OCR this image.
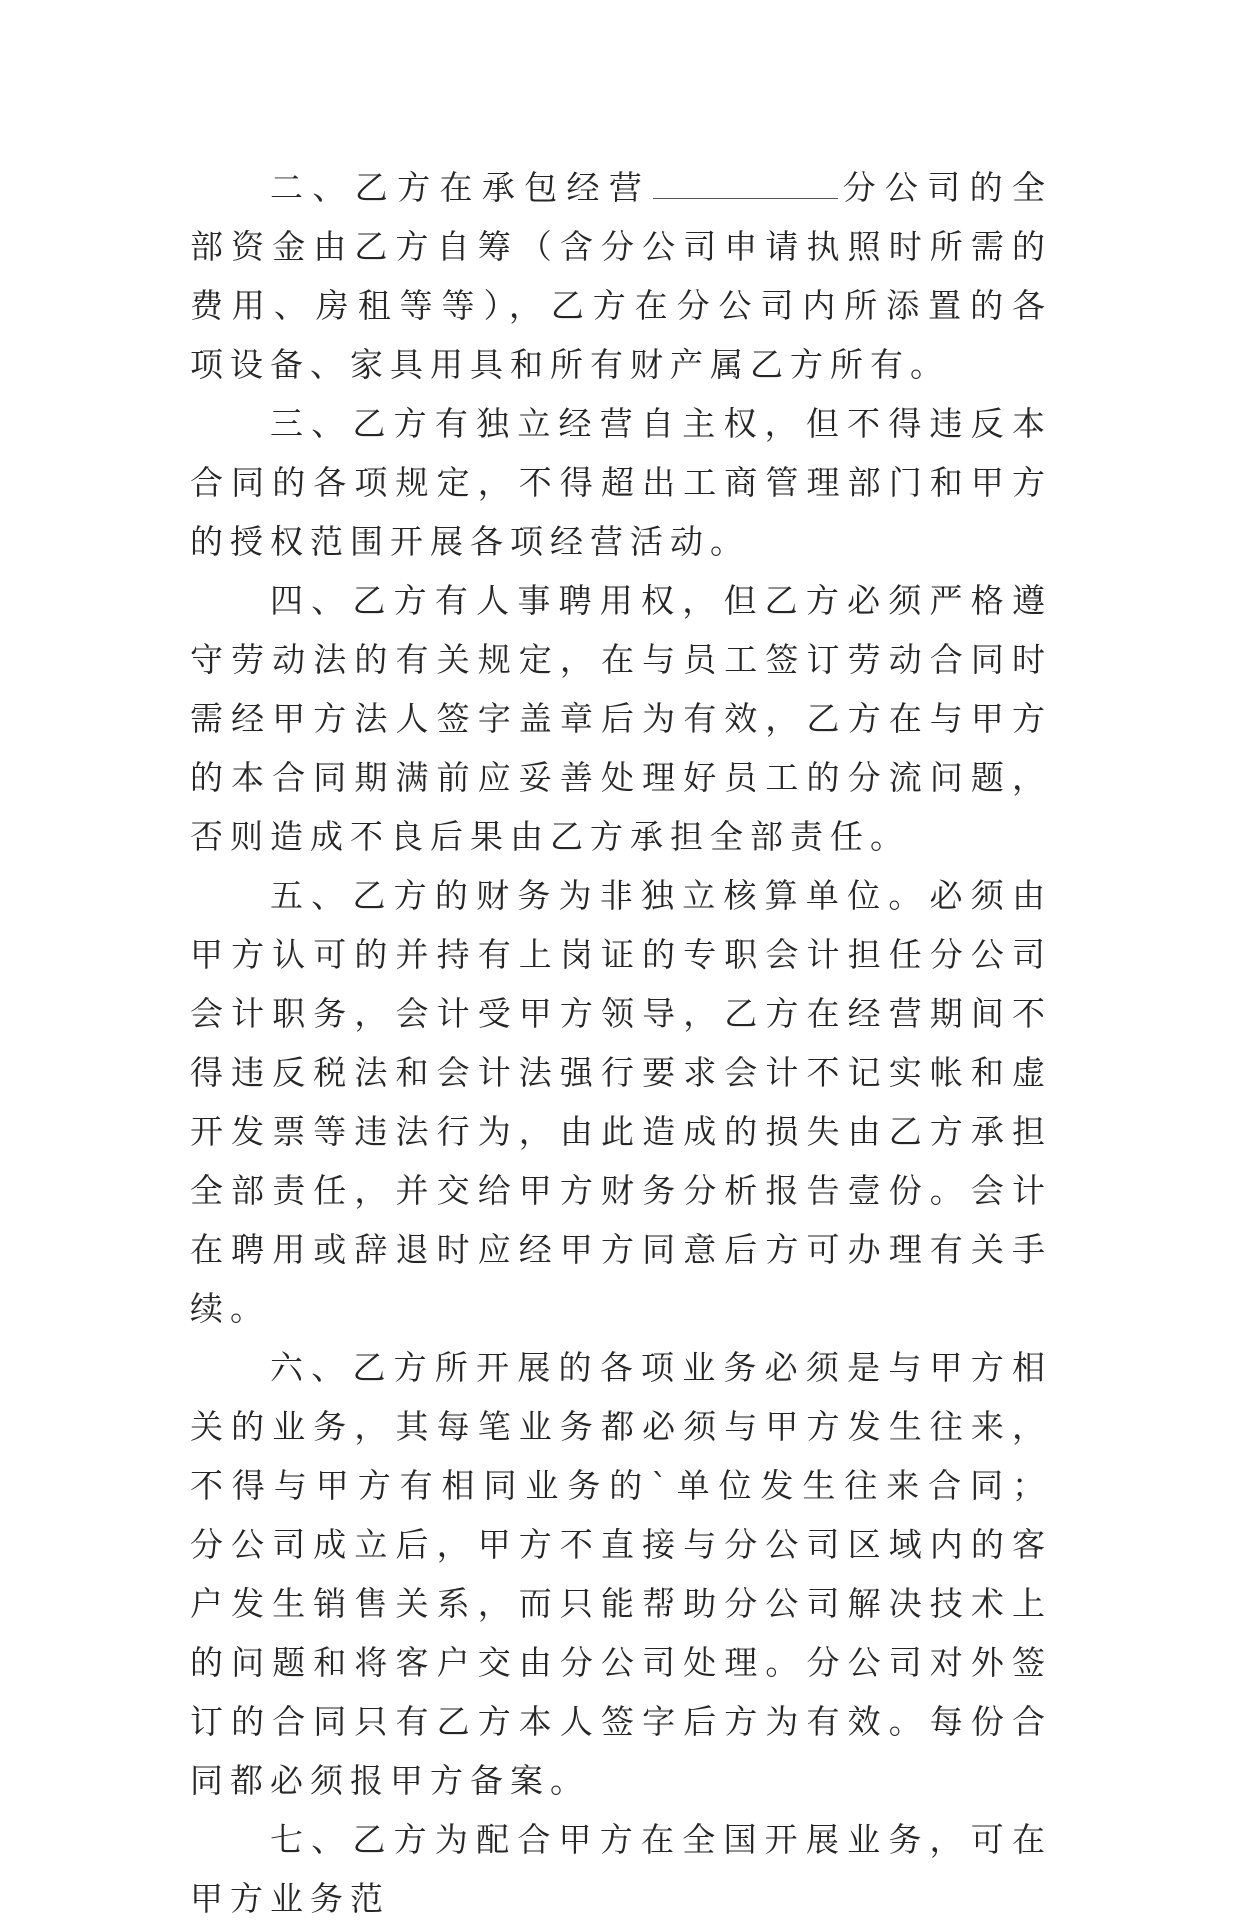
二、乙方在承包经营	分公司的全部资金由乙方自筹（含分公司申请执照时所需的费用、房租等等），乙方在分公司内所添置的各项设备、家具用具和所有财产属乙方所有。

三、乙方有独立经营自主权，但不得违反本合同的各项规定，不得超出工商管理部门和甲方的授权范围开展各项经营活动。

四、乙方有人事聘用权，但乙方必须严格遵守劳动法的有关规定，在与员工签订劳动合同时需经甲方法人签字盖章后为有效，乙方在与甲方的本合同期满前应妥善处理好员工的分流问题，否则造成不良后果由乙方承担全部责任。

五、乙方的财务为非独立核算单位。必须由甲方认可的并持有上岗证的专职会计担任分公司会计职务，会计受甲方领导，乙方在经营期间不得违反税法和会计法强行要求会计不记实帐和虚开发票等违法行为，由此造成的损失由乙方承担全部责任，并交给甲方财务分析报告壹份。会计在聘用或辞退时应经甲方同意后方可办理有关手续。

六、乙方所开展的各项业务必须是与甲方相关的业务，其每笔业务都必须与甲方发生往来，不得与甲方有相同业务的`单位发生往来合同；分公司成立后，甲方不直接与分公司区域内的客户发生销售关系，而只能帮助分公司解决技术上的问题和将客户交由分公司处理。分公司对外签订的合同只有乙方本人签字后方为有效。每份合同都必须报甲方备案。

七、乙方为配合甲方在全国开展业务，可在甲方业务范
